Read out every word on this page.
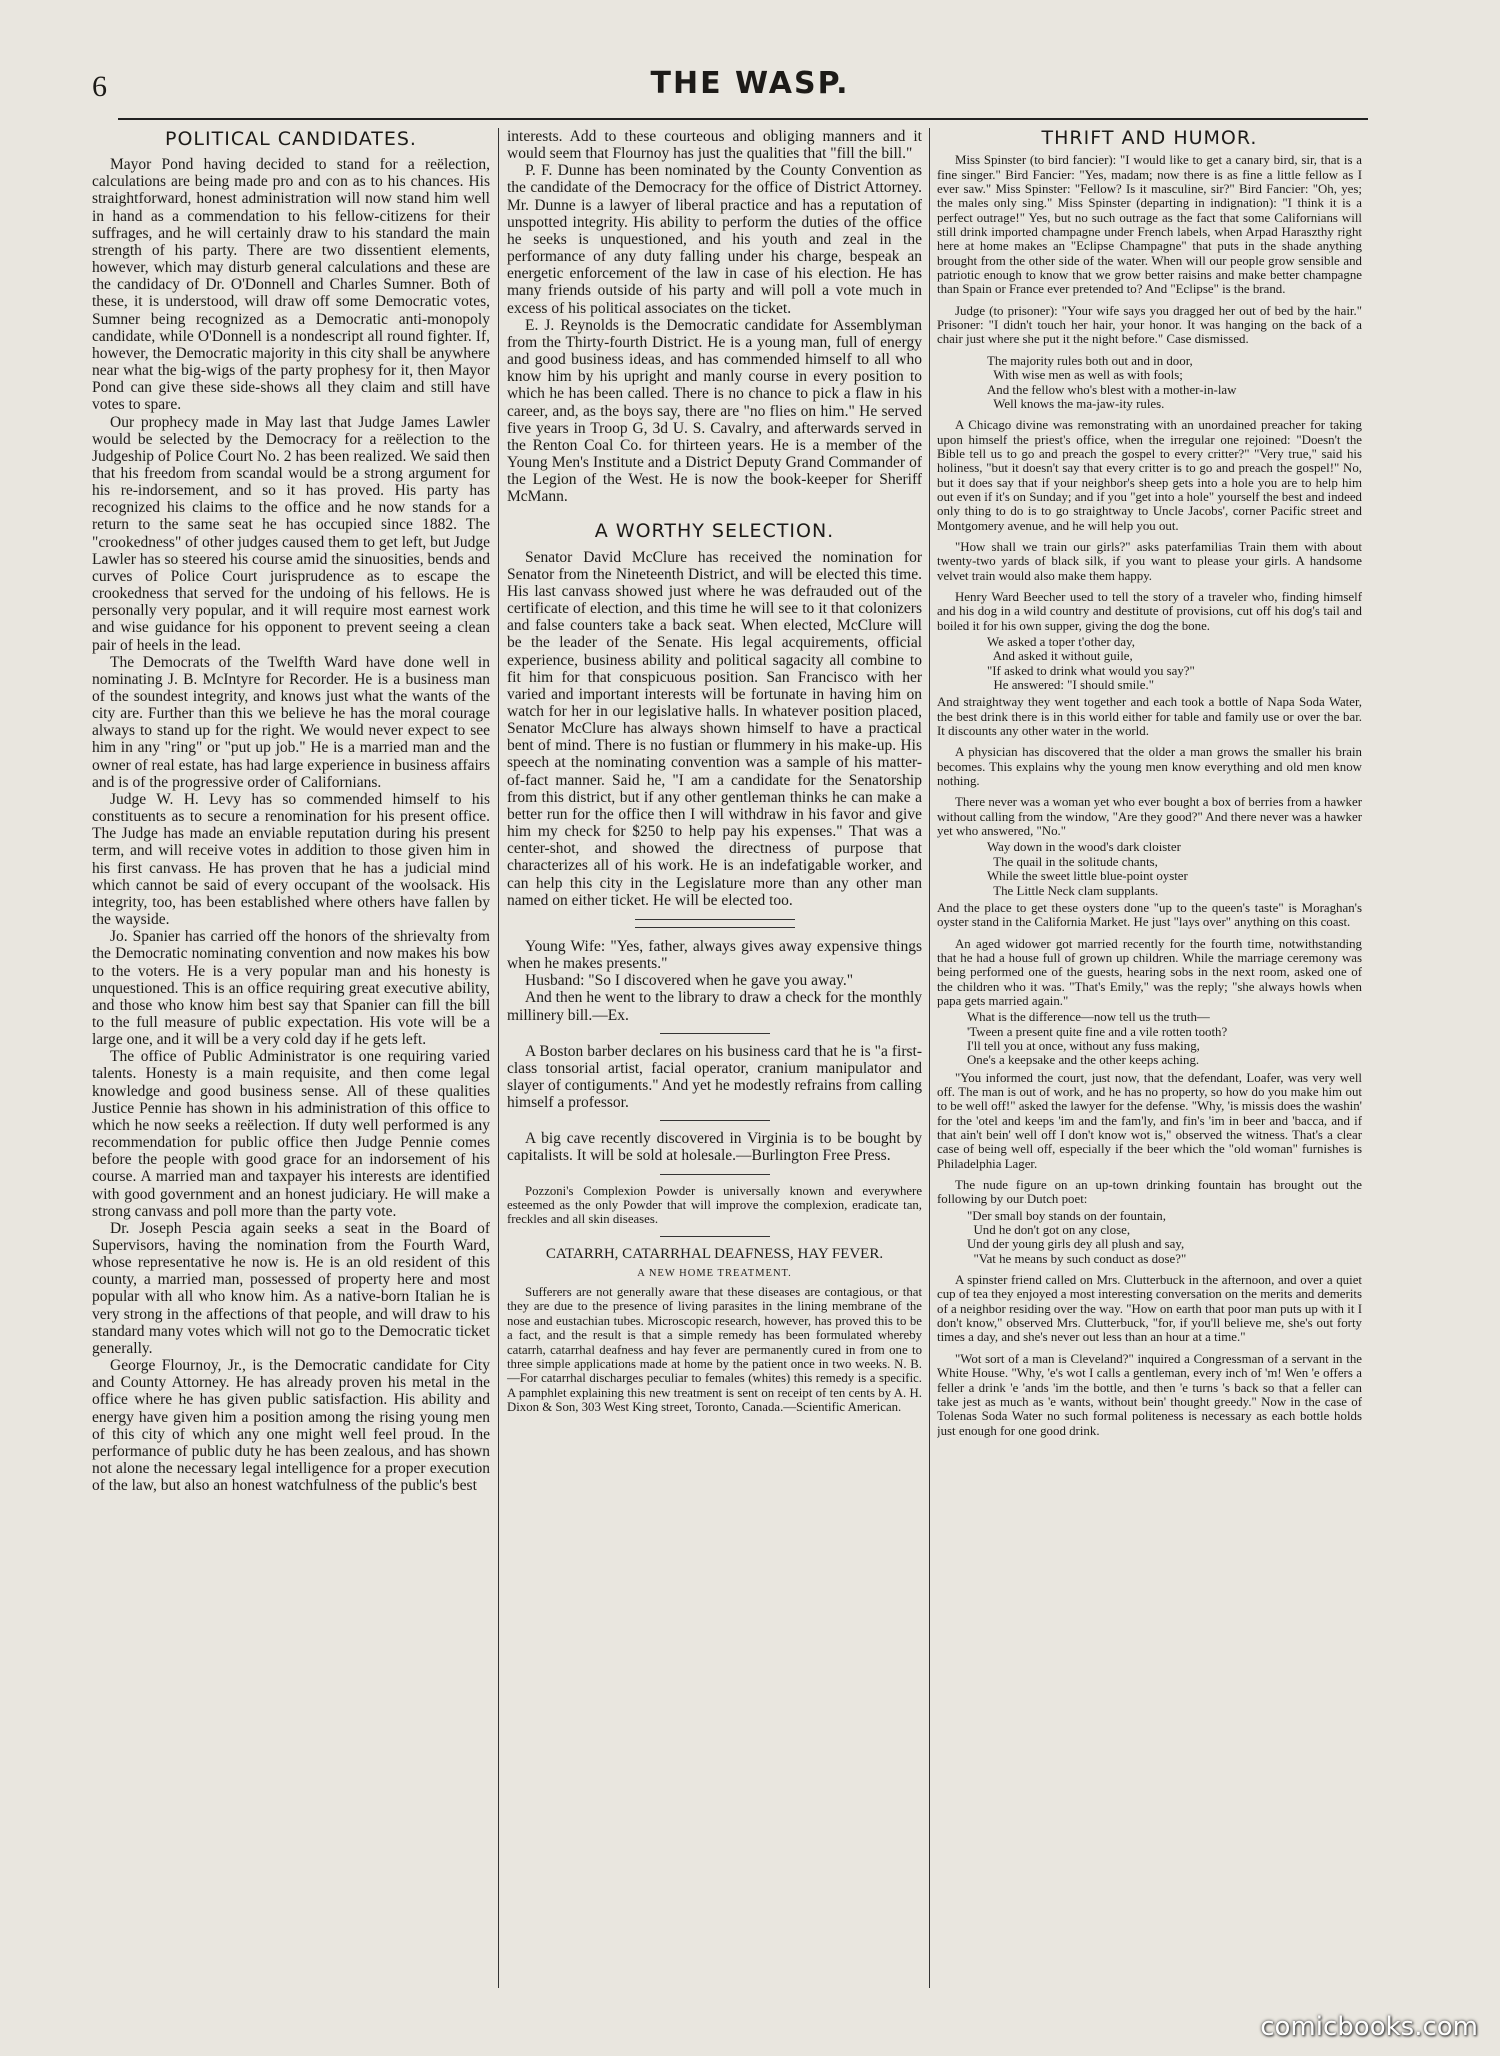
6	THE WASP.
POLITICAL CANDIDATES.

Mayor Pond having decided to stand for a reëlection, calculations are being made pro and con as to his chances. His straightforward, honest administration will now stand him well in hand as a commendation to his fellow-citizens for their suffrages, and he will certainly draw to his standard the main strength of his party. There are two dissentient elements, however, which may disturb general calculations and these are the candidacy of Dr. O'Donnell and Charles Sumner. Both of these, it is understood, will draw off some Democratic votes, Sumner being recognized as a Democratic anti-monopoly candidate, while O'Donnell is a nondescript all round fighter. If, however, the Democratic majority in this city shall be anywhere near what the big-wigs of the party prophesy for it, then Mayor Pond can give these side-shows all they claim and still have votes to spare.

Our prophecy made in May last that Judge James Lawler would be selected by the Democracy for a reëlection to the Judgeship of Police Court No. 2 has been realized. We said then that his freedom from scandal would be a strong argument for his re-indorsement, and so it has proved. His party has recognized his claims to the office and he now stands for a return to the same seat he has occupied since 1882. The "crookedness" of other judges caused them to get left, but Judge Lawler has so steered his course amid the sinuosities, bends and curves of Police Court jurisprudence as to escape the crookedness that served for the undoing of his fellows. He is personally very popular, and it will require most earnest work and wise guidance for his opponent to prevent seeing a clean pair of heels in the lead.

The Democrats of the Twelfth Ward have done well in nominating J. B. McIntyre for Recorder. He is a business man of the soundest integrity, and knows just what the wants of the city are. Further than this we believe he has the moral courage always to stand up for the right. We would never expect to see him in any "ring" or "put up job." He is a married man and the owner of real estate, has had large experience in business affairs and is of the progressive order of Californians.

Judge W. H. Levy has so commended himself to his constituents as to secure a renomination for his present office. The Judge has made an enviable reputation during his present term, and will receive votes in addition to those given him in his first canvass. He has proven that he has a judicial mind which cannot be said of every occupant of the woolsack. His integrity, too, has been established where others have fallen by the wayside.

Jo. Spanier has carried off the honors of the shrievalty from the Democratic nominating convention and now makes his bow to the voters. He is a very popular man and his honesty is unquestioned. This is an office requiring great executive ability, and those who know him best say that Spanier can fill the bill to the full measure of public expectation. His vote will be a large one, and it will be a very cold day if he gets left.

The office of Public Administrator is one requiring varied talents. Honesty is a main requisite, and then come legal knowledge and good business sense. All of these qualities Justice Pennie has shown in his administration of this office to which he now seeks a reëlection. If duty well performed is any recommendation for public office then Judge Pennie comes before the people with good grace for an indorsement of his course. A married man and taxpayer his interests are identified with good government and an honest judiciary. He will make a strong canvass and poll more than the party vote.

Dr. Joseph Pescia again seeks a seat in the Board of Supervisors, having the nomination from the Fourth Ward, whose representative he now is. He is an old resident of this county, a married man, possessed of property here and most popular with all who know him. As a native-born Italian he is very strong in the affections of that people, and will draw to his standard many votes which will not go to the Democratic ticket generally.

George Flournoy, Jr., is the Democratic candidate for City and County Attorney. He has already proven his metal in the office where he has given public satisfaction. His ability and energy have given him a position among the rising young men of this city of which any one might well feel proud. In the performance of public duty he has been zealous, and has shown not alone the necessary legal intelligence for a proper execution of the law, but also an honest watchfulness of the public's best

interests. Add to these courteous and obliging manners and it would seem that Flournoy has just the qualities that "fill the bill."

P. F. Dunne has been nominated by the County Convention as the candidate of the Democracy for the office of District Attorney. Mr. Dunne is a lawyer of liberal practice and has a reputation of unspotted integrity. His ability to perform the duties of the office he seeks is unquestioned, and his youth and zeal in the performance of any duty falling under his charge, bespeak an energetic enforcement of the law in case of his election. He has many friends outside of his party and will poll a vote much in excess of his political associates on the ticket.

E. J. Reynolds is the Democratic candidate for Assemblyman from the Thirty-fourth District. He is a young man, full of energy and good business ideas, and has commended himself to all who know him by his upright and manly course in every position to which he has been called. There is no chance to pick a flaw in his career, and, as the boys say, there are "no flies on him." He served five years in Troop G, 3d U. S. Cavalry, and afterwards served in the Renton Coal Co. for thirteen years. He is a member of the Young Men's Institute and a District Deputy Grand Commander of the Legion of the West. He is now the book-keeper for Sheriff McMann.

A WORTHY SELECTION.

Senator David McClure has received the nomination for Senator from the Nineteenth District, and will be elected this time. His last canvass showed just where he was defrauded out of the certificate of election, and this time he will see to it that colonizers and false counters take a back seat. When elected, McClure will be the leader of the Senate. His legal acquirements, official experience, business ability and political sagacity all combine to fit him for that conspicuous position. San Francisco with her varied and important interests will be fortunate in having him on watch for her in our legislative halls. In whatever position placed, Senator McClure has always shown himself to have a practical bent of mind. There is no fustian or flummery in his make-up. His speech at the nominating convention was a sample of his matter-of-fact manner. Said he, "I am a candidate for the Senatorship from this district, but if any other gentleman thinks he can make a better run for the office then I will withdraw in his favor and give him my check for $250 to help pay his expenses." That was a center-shot, and showed the directness of purpose that characterizes all of his work. He is an indefatigable worker, and can help this city in the Legislature more than any other man named on either ticket. He will be elected too.

Young Wife: "Yes, father, always gives away expensive things when he makes presents."

Husband: "So I discovered when he gave you away."

And then he went to the library to draw a check for the monthly millinery bill.—Ex.

A Boston barber declares on his business card that he is "a first-class tonsorial artist, facial operator, cranium manipulator and slayer of contiguments." And yet he modestly refrains from calling himself a professor.

A big cave recently discovered in Virginia is to be bought by capitalists. It will be sold at holesale.—Burlington Free Press.

Pozzoni's Complexion Powder is universally known and everywhere esteemed as the only Powder that will improve the complexion, eradicate tan, freckles and all skin diseases.

CATARRH, CATARRHAL DEAFNESS, HAY FEVER.
A NEW HOME TREATMENT.

Sufferers are not generally aware that these diseases are contagious, or that they are due to the presence of living parasites in the lining membrane of the nose and eustachian tubes. Microscopic research, however, has proved this to be a fact, and the result is that a simple remedy has been formulated whereby catarrh, catarrhal deafness and hay fever are permanently cured in from one to three simple applications made at home by the patient once in two weeks. N. B.—For catarrhal discharges peculiar to females (whites) this remedy is a specific. A pamphlet explaining this new treatment is sent on receipt of ten cents by A. H. Dixon & Son, 303 West King street, Toronto, Canada.—Scientific American.

THRIFT AND HUMOR.

Miss Spinster (to bird fancier): "I would like to get a canary bird, sir, that is a fine singer." Bird Fancier: "Yes, madam; now there is as fine a little fellow as I ever saw." Miss Spinster: "Fellow? Is it masculine, sir?" Bird Fancier: "Oh, yes; the males only sing." Miss Spinster (departing in indignation): "I think it is a perfect outrage!" Yes, but no such outrage as the fact that some Californians will still drink imported champagne under French labels, when Arpad Haraszthy right here at home makes an "Eclipse Champagne" that puts in the shade anything brought from the other side of the water. When will our people grow sensible and patriotic enough to know that we grow better raisins and make better champagne than Spain or France ever pretended to? And "Eclipse" is the brand.

Judge (to prisoner): "Your wife says you dragged her out of bed by the hair." Prisoner: "I didn't touch her hair, your honor. It was hanging on the back of a chair just where she put it the night before." Case dismissed.

The majority rules both out and in door,
With wise men as well as with fools;
And the fellow who's blest with a mother-in-law
Well knows the ma-jaw-ity rules.

A Chicago divine was remonstrating with an unordained preacher for taking upon himself the priest's office, when the irregular one rejoined: "Doesn't the Bible tell us to go and preach the gospel to every critter?" "Very true," said his holiness, "but it doesn't say that every critter is to go and preach the gospel!" No, but it does say that if your neighbor's sheep gets into a hole you are to help him out even if it's on Sunday; and if you "get into a hole" yourself the best and indeed only thing to do is to go straightway to Uncle Jacobs', corner Pacific street and Montgomery avenue, and he will help you out.

"How shall we train our girls?" asks paterfamilias Train them with about twenty-two yards of black silk, if you want to please your girls. A handsome velvet train would also make them happy.

Henry Ward Beecher used to tell the story of a traveler who, finding himself and his dog in a wild country and destitute of provisions, cut off his dog's tail and boiled it for his own supper, giving the dog the bone.

We asked a toper t'other day,
And asked it without guile,
"If asked to drink what would you say?"
He answered: "I should smile."

And straightway they went together and each took a bottle of Napa Soda Water, the best drink there is in this world either for table and family use or over the bar. It discounts any other water in the world.

A physician has discovered that the older a man grows the smaller his brain becomes. This explains why the young men know everything and old men know nothing.

There never was a woman yet who ever bought a box of berries from a hawker without calling from the window, "Are they good?" And there never was a hawker yet who answered, "No."

Way down in the wood's dark cloister
The quail in the solitude chants,
While the sweet little blue-point oyster
The Little Neck clam supplants.

And the place to get these oysters done "up to the queen's taste" is Moraghan's oyster stand in the California Market. He just "lays over" anything on this coast.

An aged widower got married recently for the fourth time, notwithstanding that he had a house full of grown up children. While the marriage ceremony was being performed one of the guests, hearing sobs in the next room, asked one of the children who it was. "That's Emily," was the reply; "she always howls when papa gets married again."

What is the difference—now tell us the truth—
'Tween a present quite fine and a vile rotten tooth?
I'll tell you at once, without any fuss making,
One's a keepsake and the other keeps aching.

"You informed the court, just now, that the defendant, Loafer, was very well off. The man is out of work, and he has no property, so how do you make him out to be well off!" asked the lawyer for the defense. "Why, 'is missis does the washin' for the 'otel and keeps 'im and the fam'ly, and fin's 'im in beer and 'bacca, and if that ain't bein' well off I don't know wot is," observed the witness. That's a clear case of being well off, especially if the beer which the "old woman" furnishes is Philadelphia Lager.

The nude figure on an up-town drinking fountain has brought out the following by our Dutch poet:

"Der small boy stands on der fountain,
Und he don't got on any close,
Und der young girls dey all plush and say,
"Vat he means by such conduct as dose?"

A spinster friend called on Mrs. Clutterbuck in the afternoon, and over a quiet cup of tea they enjoyed a most interesting conversation on the merits and demerits of a neighbor residing over the way. "How on earth that poor man puts up with it I don't know," observed Mrs. Clutterbuck, "for, if you'll believe me, she's out forty times a day, and she's never out less than an hour at a time."

"Wot sort of a man is Cleveland?" inquired a Congressman of a servant in the White House. "Why, 'e's wot I calls a gentleman, every inch of 'm! Wen 'e offers a feller a drink 'e 'ands 'im the bottle, and then 'e turns 's back so that a feller can take jest as much as 'e wants, without bein' thought greedy." Now in the case of Tolenas Soda Water no such formal politeness is necessary as each bottle holds just enough for one good drink.

comicbooks.com
